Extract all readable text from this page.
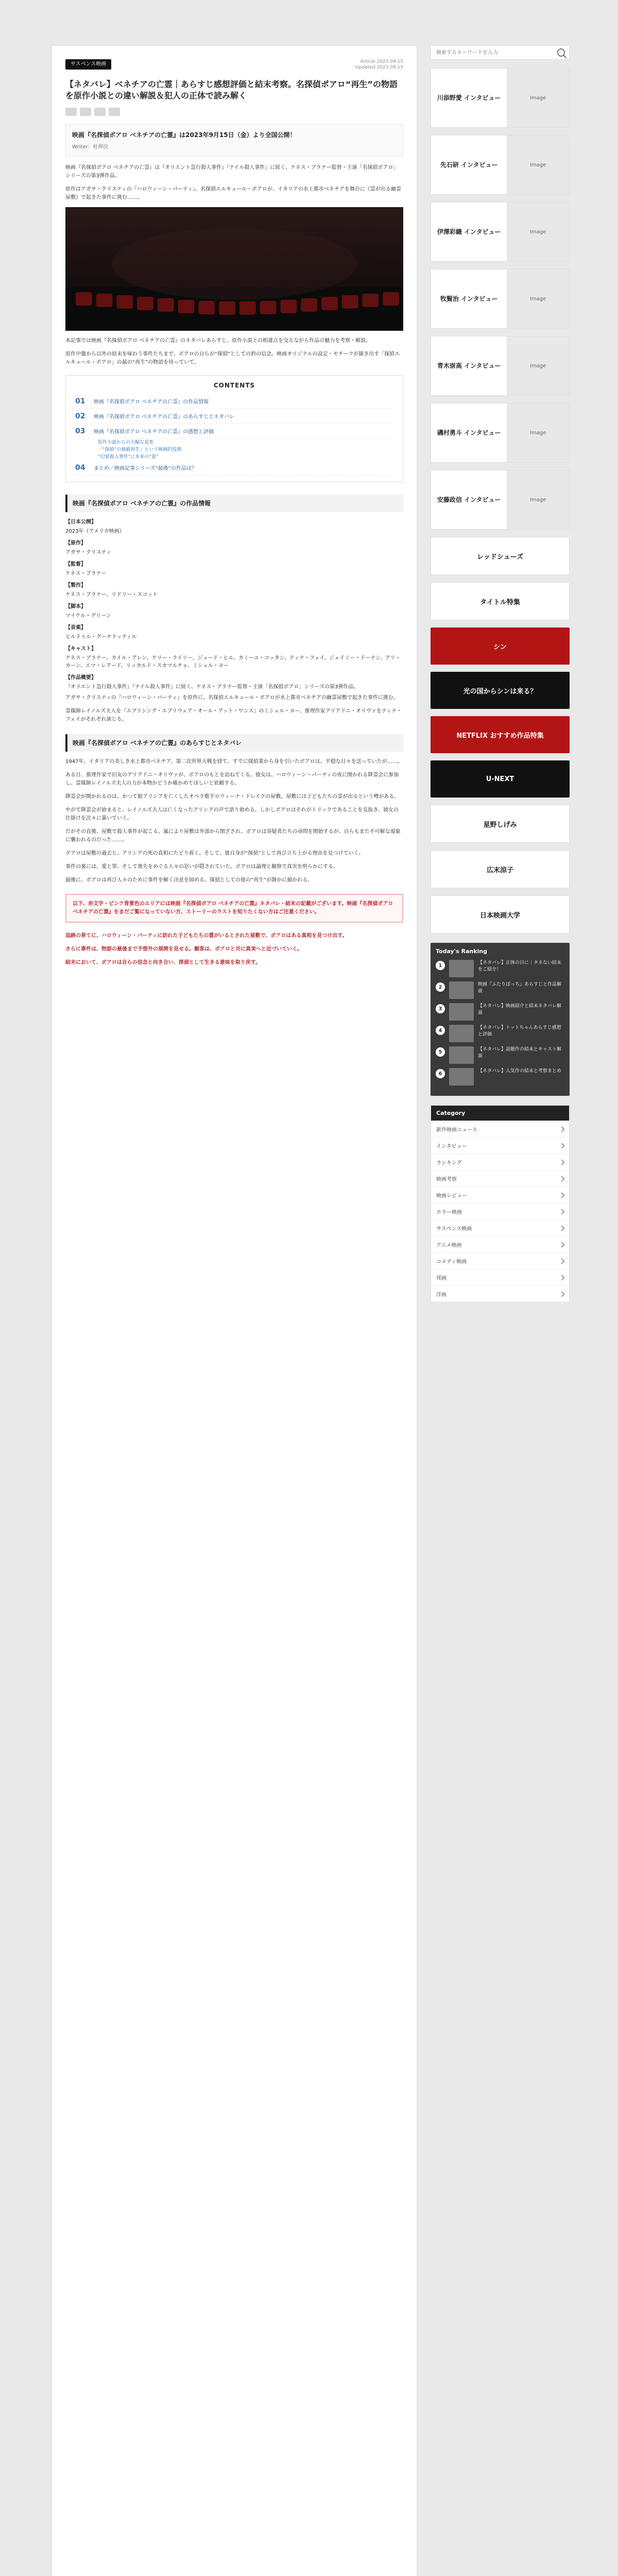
サスペンス映画	Article 2023.09.15
Updated 2023.09.15
【ネタバレ】ベネチアの亡霊｜あらすじ感想評価と結末考察。名探偵ポアロ“再生”の物語を原作小説との違い解説＆犯人の正体で読み解く
映画『名探偵ポアロ ベネチアの亡霊』は2023年9月15日（金）より全国公開！
Writer：桂伸次

映画『名探偵ポアロ ベネチアの亡霊』は『オリエント急行殺人事件』『ナイル殺人事件』に続く、ケネス・ブラナー監督・主演「名探偵ポアロ」シリーズの第3弾作品。

原作はアガサ・クリスティの『ハロウィーン・パーティ』。名探偵エルキュール・ポアロが、イタリアの水上都市ベネチアを舞台に《霊が出る幽霊屋敷》で起きた事件に挑む……。

本記事では映画『名探偵ポアロ ベネチアの亡霊』のネタバレあらすじ、原作小説との相違点を交えながら作品の魅力を考察・解説。

原作中盤から以外の結末を味わう事件たちまで、ポアロの自らが“探偵”としての矜の信念。映画オリジナルの設定・モチーフが描き出す「探偵エルキュール・ポアロ」の最の“再生”の物語を待っていて。

CONTENTS
01	映画『名探偵ポアロ ベネチアの亡霊』の作品情報
02	映画『名探偵ポアロ ベネチアの亡霊』のあらすじとネタバレ
03	映画『名探偵ポアロ ベネチアの亡霊』の感想と評価
原作小説からの大幅な変更
「“探偵”の価値再生」という映画的役割
“幻覚殺人事件”に本来の“姿”
04	まとめ／映画記事シリーズ“最後”の作品は？
映画『名探偵ポアロ ベネチアの亡霊』の作品情報
【日本公開】
2023年（アメリカ映画）
【原作】
アガサ・クリスティ
【監督】
ケネス・ブラナー
【製作】
ケネス・ブラナー、リドリー・スコット
【脚本】
マイケル・グリーン
【音楽】
ヒルドゥル・グーナドッティル
【キャスト】
ケネス・ブラナー、カイル・アレン、ケリー・ライリー、ジュード・ヒル、カミーユ・コッタン、ティナ・フェイ、ジェイミー・ドーナン、アリ・カーン、エマ・レアード、リッカルド・スカマルチョ、ミシェル・ヨー
【作品概要】
『オリエント急行殺人事件』『ナイル殺人事件』に続く、ケネス・ブラナー監督・主演「名探偵ポアロ」シリーズの第3弾作品。

アガサ・クリスティの『ハロウィーン・パーティ』を原作に、名探偵エルキュール・ポアロが水上都市ベネチアの幽霊屋敷で起きた事件に挑む。

霊媒師レイノルズ夫人を『エブリシング・エブリウェア・オール・アット・ワンス』のミシェル・ヨー、推理作家アリアドニ・オリヴァをティナ・フェイがそれぞれ演じる。

映画『名探偵ポアロ ベネチアの亡霊』のあらすじとネタバレ

1947年。イタリアの美しき水上都市ベネチア。第二次世界大戦を経て、すでに探偵業から身を引いたポアロは、平穏な日々を送っていたが……。

ある日、推理作家で旧友のアリアドニ・オリヴァが、ポアロのもとを訪ねてくる。彼女は、ハロウィーン・パーティの夜に開かれる降霊会に参加し、霊媒師レイノルズ夫人の力が本物かどうか確かめてほしいと依頼する。

降霊会が開かれるのは、かつて娘アリシアを亡くしたオペラ歌手ロウィーナ・ドレイクの屋敷。屋敷には子どもたちの霊が出るという噂がある。

やがて降霊会が始まると、レイノルズ夫人は亡くなったアリシアの声で語り始める。しかしポアロはそれがトリックであることを見抜き、彼女の仕掛けを次々に暴いていく。

だがその直後、屋敷で殺人事件が起こる。嵐により屋敷は外部から閉ざされ、ポアロは容疑者たちの尋問を開始するが、自らもまた不可解な現象に襲われるのだった……。

ポアロは屋敷の過去と、アリシアの死の真相にたどり着く。そして、彼自身が“探偵”として再び立ち上がる理由を見つけていく。

事件の裏には、愛と罪、そして喪失をめぐる人々の思いが隠されていた。ポアロは論理と観察で真実を明らかにする。

最後に、ポアロは再び人々のために事件を解く決意を固める。探偵としての彼の“再生”が静かに描かれる。

以下、赤文字・ピンク背景色のエリアには映画『名探偵ポアロ ベネチアの亡霊』ネタバレ・結末の記載がございます。映画『名探偵ポアロ ベネチアの亡霊』をまだご覧になっていない方、ストーリーのラストを知りたくない方はご注意ください。

追跡の果てに、ハロウィーン・パーティに訪れた子どもたちの霊がいるとされた屋敷で、ポアロはある真相を見つけ出す。

さらに事件は、物語の最後まで予想外の展開を見せる。観客は、ポアロと共に真実へと近づいていく。

結末において、ポアロは自らの信念と向き合い、探偵として生きる意味を取り戻す。

検索するキーワードを入力
川添野愛 インタビュー	Image
先石研 インタビュー	Image
伊澤彩織 インタビュー	Image
牧賢治 インタビュー	Image
青木崇高 インタビュー	Image
磯村勇斗 インタビュー	Image
安藤政信 インタビュー	Image
レッドシューズ
タイトル特集
シン
光の国からシンは来る？
NETFLIX おすすめ作品特集
U-NEXT
星野しげみ
広末涼子
日本映画大学
Today's Ranking
1	【ネタバレ】正体の日に｜タネない結末をご紹介！
2	映画『ふたりぼっち』あらすじと作品解説
3	【ネタバレ】映画紹介と結末ネタバレ解説
4	【ネタバレ】トットちゃんあらすじ感想と評価
5	【ネタバレ】話題作の結末とキャスト解説
6	【ネタバレ】人気作の結末と考察まとめ
Category
新作映画ニュース
インタビュー
ランキング
映画考察
映画レビュー
ホラー映画
サスペンス映画
アニメ映画
コメディ映画
邦画
洋画
